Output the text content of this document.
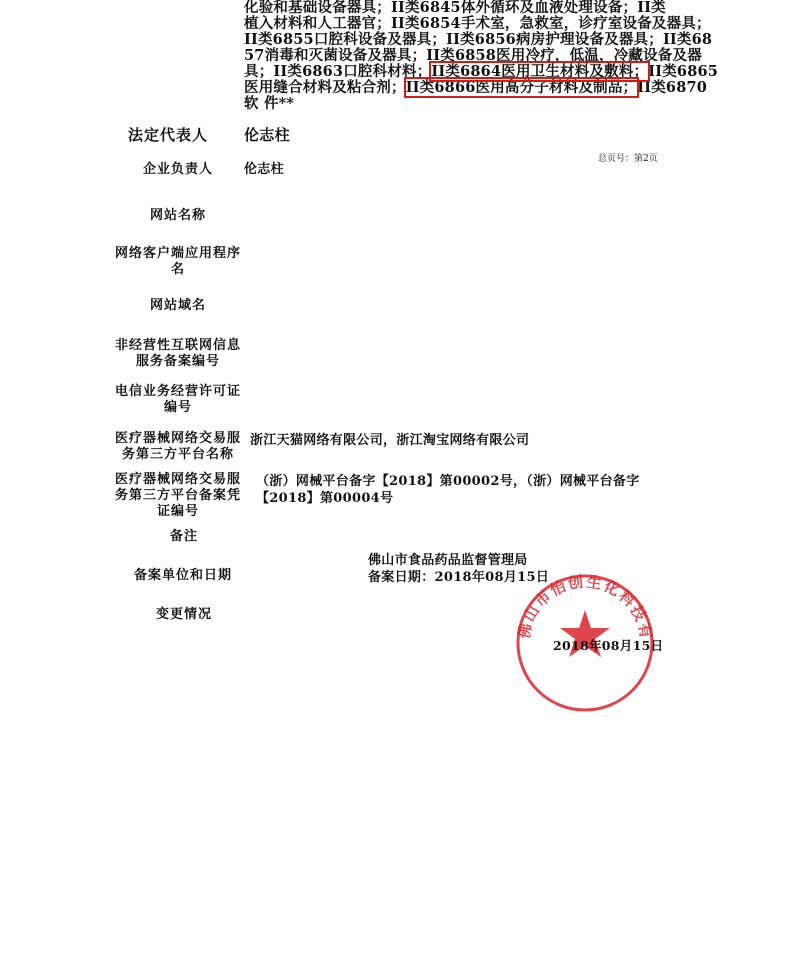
化验和基础设备器具；II类6845体外循环及血液处理设备；II类
植入材料和人工器官；II类6854手术室，急救室，诊疗室设备及器具；
II类6855口腔科设备及器具；II类6856病房护理设备及器具；II类68
57消毒和灭菌设备及器具；II类6858医用冷疗，低温，冷藏设备及器
具；II类6863口腔科材料；II类6864医用卫生材料及敷料；II类6865
医用缝合材料及粘合剂；II类6866医用高分子材料及制品；II类6870
软 件**
法定代表人	伦志柱
总页号：第2页
企业负责人	伦志柱
网站名称
网络客户端应用程序名
网站域名
非经营性互联网信息服务备案编号
电信业务经营许可证编号
医疗器械网络交易服务第三方平台名称
浙江天猫网络有限公司，浙江淘宝网络有限公司
医疗器械网络交易服务第三方平台备案凭证编号
（浙）网械平台备字【2018】第00002号，（浙）网械平台备字
【2018】第00004号
备注
备案单位和日期
佛山市食品药品监督管理局
备案日期：2018年08月15日
变更情况
佛山市怡创生化科技有
2018年08月15日
